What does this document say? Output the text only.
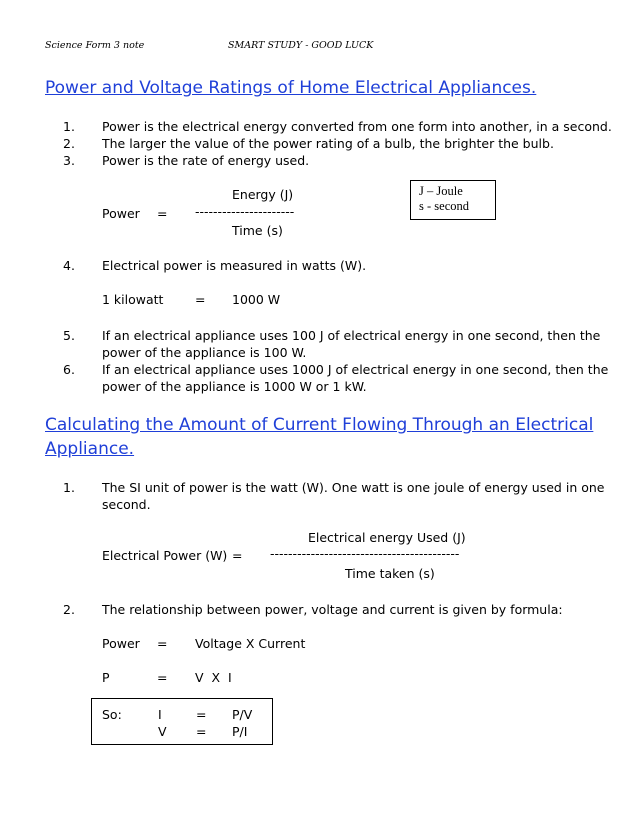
Science Form 3 note	SMART STUDY - GOOD LUCK
Power and Voltage Ratings of Home Electrical Appliances.
1. Power is the electrical energy converted from one form into another, in a second.
2. The larger the value of the power rating of a bulb, the brighter the bulb.
3. Power is the rate of energy used.
Energy (J)
Power = ----------------------
Time (s)
J – Joule
s - second
4. Electrical power is measured in watts (W).
1 kilowatt	= 1000 W
5. If an electrical appliance uses 100 J of electrical energy in one second, then the
power of the appliance is 100 W.
6. If an electrical appliance uses 1000 J of electrical energy in one second, then the
power of the appliance is 1000 W or 1 kW.
Calculating the Amount of Current Flowing Through an Electrical
Appliance.
1. The SI unit of power is the watt (W). One watt is one joule of energy used in one
second.
Electrical energy Used (J)
Electrical Power (W) = ------------------------------------------
Time taken (s)
2. The relationship between power, voltage and current is given by formula:
Power = Voltage X Current
P	= V  X  I
So:	I	= P/V
V = P/I
